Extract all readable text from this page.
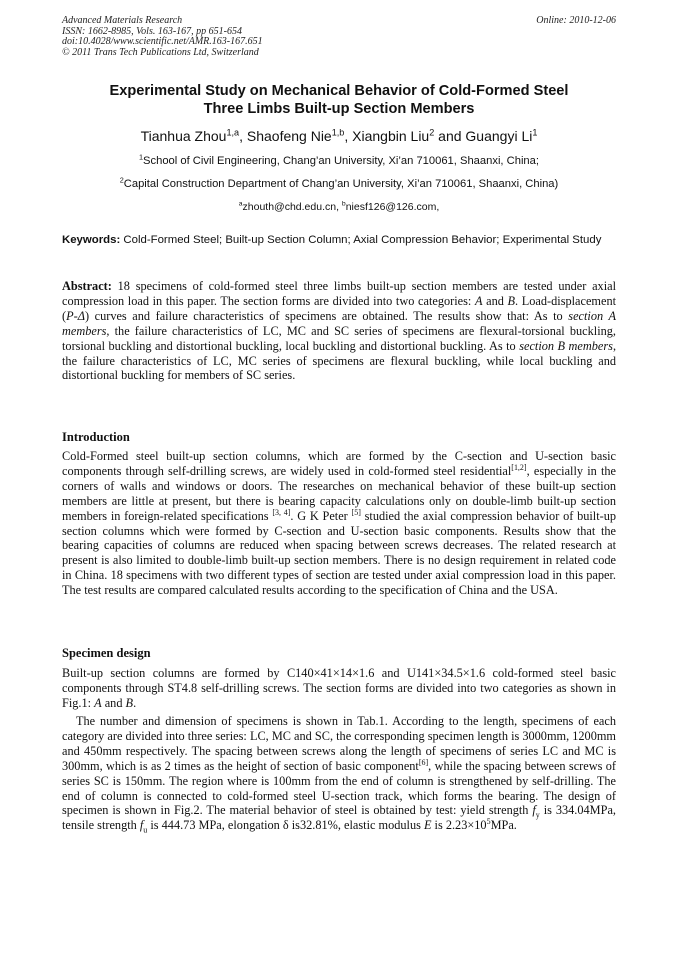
Advanced Materials Research
ISSN: 1662-8985, Vols. 163-167, pp 651-654
doi:10.4028/www.scientific.net/AMR.163-167.651
© 2011 Trans Tech Publications Ltd, Switzerland
Online: 2010-12-06
Experimental Study on Mechanical Behavior of Cold-Formed Steel
Three Limbs Built-up Section Members
Tianhua Zhou$^{1,a}$, Shaofeng Nie$^{1,b}$, Xiangbin Liu$^2$ and Guangyi Li$^1$
$^1$School of Civil Engineering, Chang’an University, Xi’an 710061, Shaanxi, China;
$^2$Capital Construction Department of Chang’an University, Xi’an 710061, Shaanxi, China)
$^a$zhouth@chd.edu.cn, $^b$niesf126@126.com,
Keywords: Cold-Formed Steel; Built-up Section Column; Axial Compression Behavior; Experimental Study
Abstract: 18 specimens of cold-formed steel three limbs built-up section members are tested under axial compression load in this paper. The section forms are divided into two categories: A and B. Load-displacement (P-Δ) curves and failure characteristics of specimens are obtained. The results show that: As to section A members, the failure characteristics of LC, MC and SC series of specimens are flexural-torsional buckling, torsional buckling and distortional buckling, local buckling and distortional buckling. As to section B members, the failure characteristics of LC, MC series of specimens are flexural buckling, while local buckling and distortional buckling for members of SC series.
Introduction
Cold-Formed steel built-up section columns, which are formed by the C-section and U-section basic components through self-drilling screws, are widely used in cold-formed steel residential[1,2], especially in the corners of walls and windows or doors. The researches on mechanical behavior of these built-up section members are little at present, but there is bearing capacity calculations only on double-limb built-up section members in foreign-related specifications [3, 4]. G K Peter [5] studied the axial compression behavior of built-up section columns which were formed by C-section and U-section basic components. Results show that the bearing capacities of columns are reduced when spacing between screws decreases. The related research at present is also limited to double-limb built-up section members. There is no design requirement in related code in China. 18 specimens with two different types of section are tested under axial compression load in this paper. The test results are compared calculated results according to the specification of China and the USA.
Specimen design
Built-up section columns are formed by C140×41×14×1.6 and U141×34.5×1.6 cold-formed steel basic components through ST4.8 self-drilling screws. The section forms are divided into two categories as shown in Fig.1: A and B.

The number and dimension of specimens is shown in Tab.1. According to the length, specimens of each category are divided into three series: LC, MC and SC, the corresponding specimen length is 3000mm, 1200mm and 450mm respectively. The spacing between screws along the length of specimens of series LC and MC is 300mm, which is as 2 times as the height of section of basic component[6], while the spacing between screws of series SC is 150mm. The region where is 100mm from the end of column is strengthened by self-drilling. The end of column is connected to cold-formed steel U-section track, which forms the bearing. The design of specimen is shown in Fig.2. The material behavior of steel is obtained by test: yield strength $f_y$ is 334.04MPa, tensile strength $f_u$ is 444.73 MPa, elongation δ is32.81%, elastic modulus E is $2.23\times 10^5MPa$.
